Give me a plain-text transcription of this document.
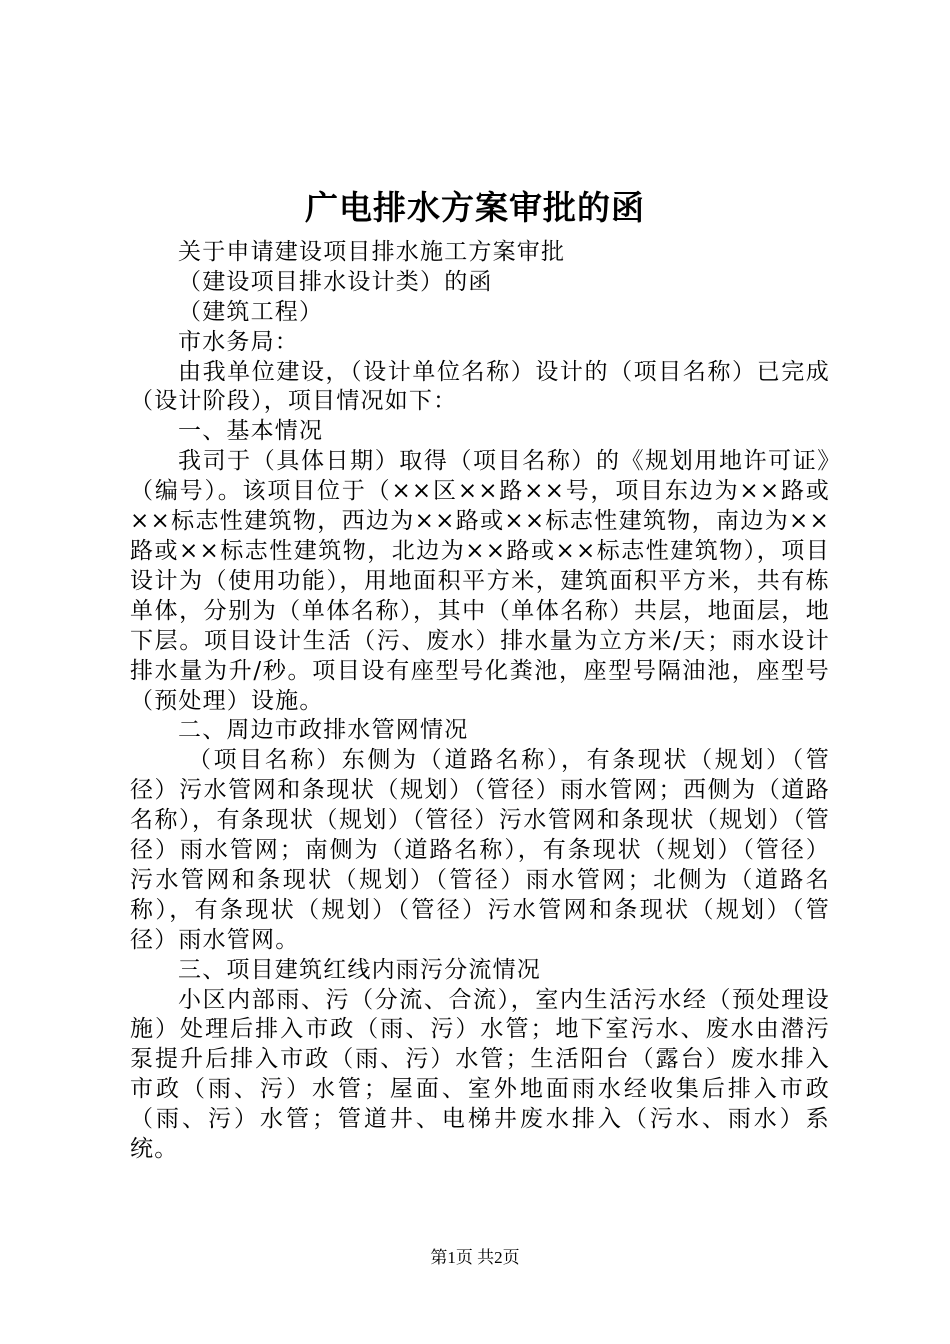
广电排水方案审批的函
关于申请建设项目排水施工方案审批
（建设项目排水设计类）的函
（建筑工程）
市水务局：
由我单位建设，（设计单位名称）设计的（项目名称）已完成（设计阶段），项目情况如下：
一、基本情况
我司于（具体日期）取得（项目名称）的《规划用地许可证》（编号）。该项目位于（××区××路××号，项目东边为××路或××标志性建筑物，西边为××路或××标志性建筑物，南边为××路或××标志性建筑物，北边为××路或××标志性建筑物），项目设计为（使用功能），用地面积平方米，建筑面积平方米，共有栋单体，分别为（单体名称），其中（单体名称）共层，地面层，地下层。项目设计生活（污、废水）排水量为立方米/天；雨水设计排水量为升/秒。项目设有座型号化粪池，座型号隔油池，座型号（预处理）设施。
二、周边市政排水管网情况
（项目名称）东侧为（道路名称），有条现状（规划）（管径）污水管网和条现状（规划）（管径）雨水管网；西侧为（道路名称），有条现状（规划）（管径）污水管网和条现状（规划）（管径）雨水管网；南侧为（道路名称），有条现状（规划）（管径）污水管网和条现状（规划）（管径）雨水管网；北侧为（道路名称），有条现状（规划）（管径）污水管网和条现状（规划）（管径）雨水管网。
三、项目建筑红线内雨污分流情况
小区内部雨、污（分流、合流），室内生活污水经（预处理设施）处理后排入市政（雨、污）水管；地下室污水、废水由潜污泵提升后排入市政（雨、污）水管；生活阳台（露台）废水排入市政（雨、污）水管；屋面、室外地面雨水经收集后排入市政（雨、污）水管；管道井、电梯井废水排入（污水、雨水）系统。
第1页 共2页
